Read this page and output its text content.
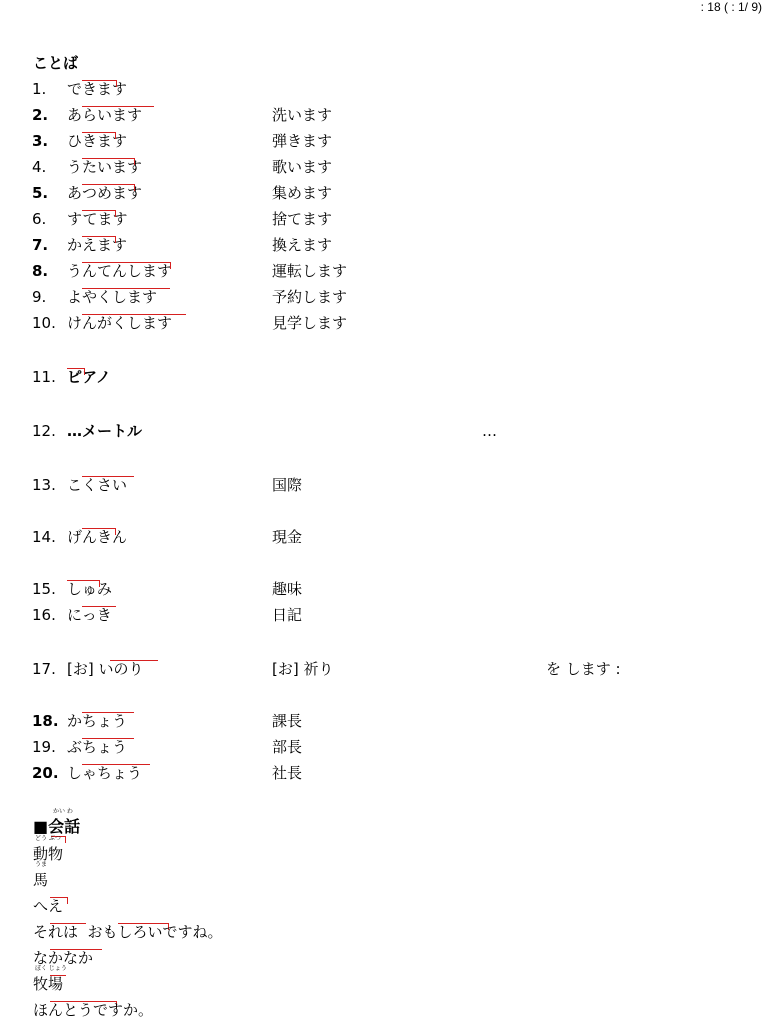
: 18 ( : 1/ 9)
ことば
1. できます
2. あらいます	洗います
3. ひきます	弾きます
4. うたいます	歌います
5. あつめます	集めます
6. すてます	捨てます
7. かえます	換えます
8. うんてんします	運転します
9. よやくします	予約します
10. けんがくします	見学します
11. ピアノ
12. …メートル	…
13. こくさい	国際
14. げんきん	現金
15. しゅみ	趣味
16. にっき	日記
17. [お] いのり	[お] 祈り	を します :
18. かちょう	課長
19. ぶちょう	部長
20. しゃちょう	社長
かい わ
■会話
どう ぶつ
動物
うま
馬
へえ
それは  おもしろいですね。
なかなか
ぼく じょう
牧場
ほんとうですか。
